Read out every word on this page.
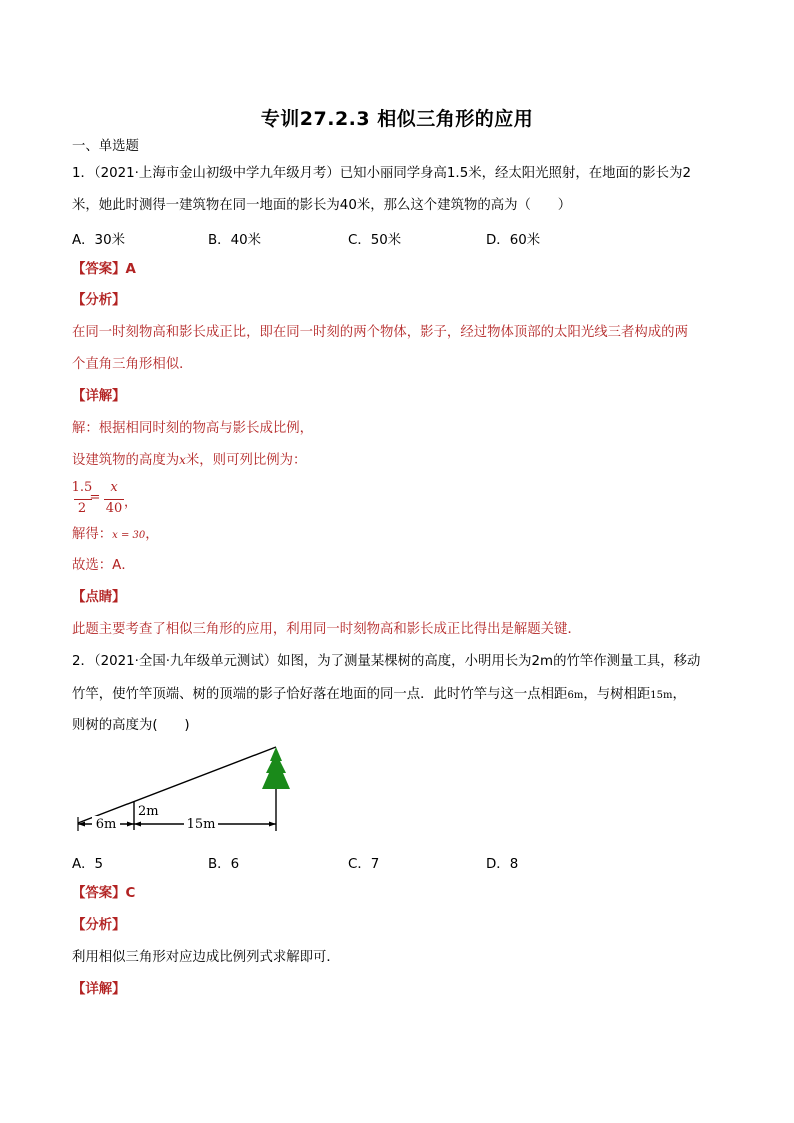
专训27.2.3 相似三角形的应用
一、单选题
1．（2021·上海市金山初级中学九年级月考）已知小丽同学身高1.5米，经太阳光照射，在地面的影长为2
米，她此时测得一建筑物在同一地面的影长为40米，那么这个建筑物的高为（　　）
A．30米	B．40米	C．50米	D．60米
【答案】A
【分析】
在同一时刻物高和影长成正比，即在同一时刻的两个物体，影子，经过物体顶部的太阳光线三者构成的两
个直角三角形相似．
【详解】
解：根据相同时刻的物高与影长成比例，
设建筑物的高度为x米，则可列比例为：
1.5
2
=
x
40 ，
解得：x = 30，
故选：A．
【点睛】
此题主要考查了相似三角形的应用，利用同一时刻物高和影长成正比得出是解题关键．
2．（2021·全国·九年级单元测试）如图，为了测量某棵树的高度，小明用长为2m的竹竿作测量工具，移动
竹竿，使竹竿顶端、树的顶端的影子恰好落在地面的同一点．此时竹竿与这一点相距6m，与树相距15m，
则树的高度为(　　)
6m	15m
2m
A．5	B．6	C．7	D．8
【答案】C
【分析】
利用相似三角形对应边成比例列式求解即可．
【详解】
